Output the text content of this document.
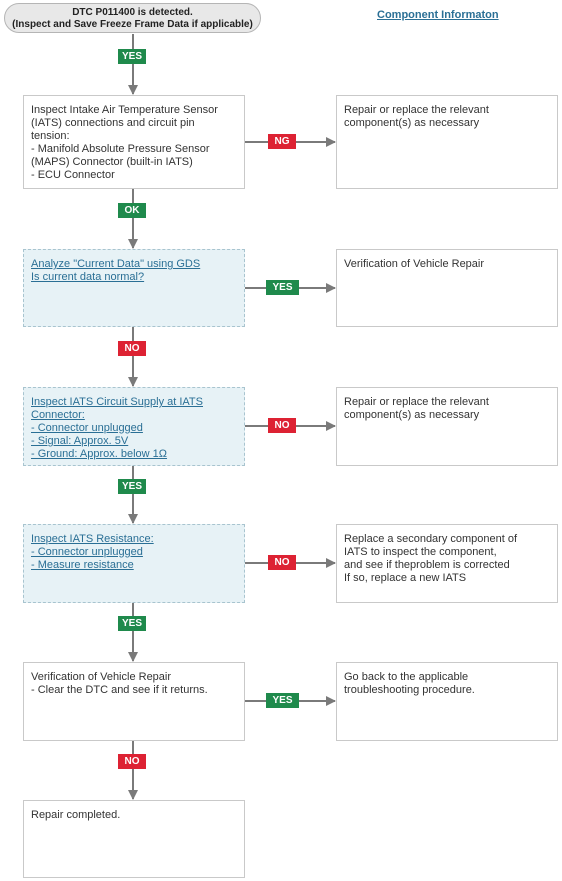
DTC P011400 is detected.
(Inspect and Save Freeze Frame Data if applicable)
Component Informaton
Inspect Intake Air Temperature Sensor
(IATS) connections and circuit pin
tension:
- Manifold Absolute Pressure Sensor
(MAPS) Connector (built-in IATS)
- ECU Connector
Analyze "Current Data" using GDS
Is current data normal?
Inspect IATS Circuit Supply at IATS
Connector:
- Connector unplugged
- Signal: Approx. 5V
- Ground: Approx. below 1Ω
Inspect IATS Resistance:
- Connector unplugged
- Measure resistance
Verification of Vehicle Repair
- Clear the DTC and see if it returns.
Repair completed.
Repair or replace the relevant
component(s) as necessary
Verification of Vehicle Repair
Repair or replace the relevant
component(s) as necessary
Replace a secondary component of
IATS to inspect the component,
and see if theproblem is corrected
If so, replace a new IATS
Go back to the applicable
troubleshooting procedure.
YES
NG
OK
YES
NO
NO
YES
NO
YES
YES
NO
